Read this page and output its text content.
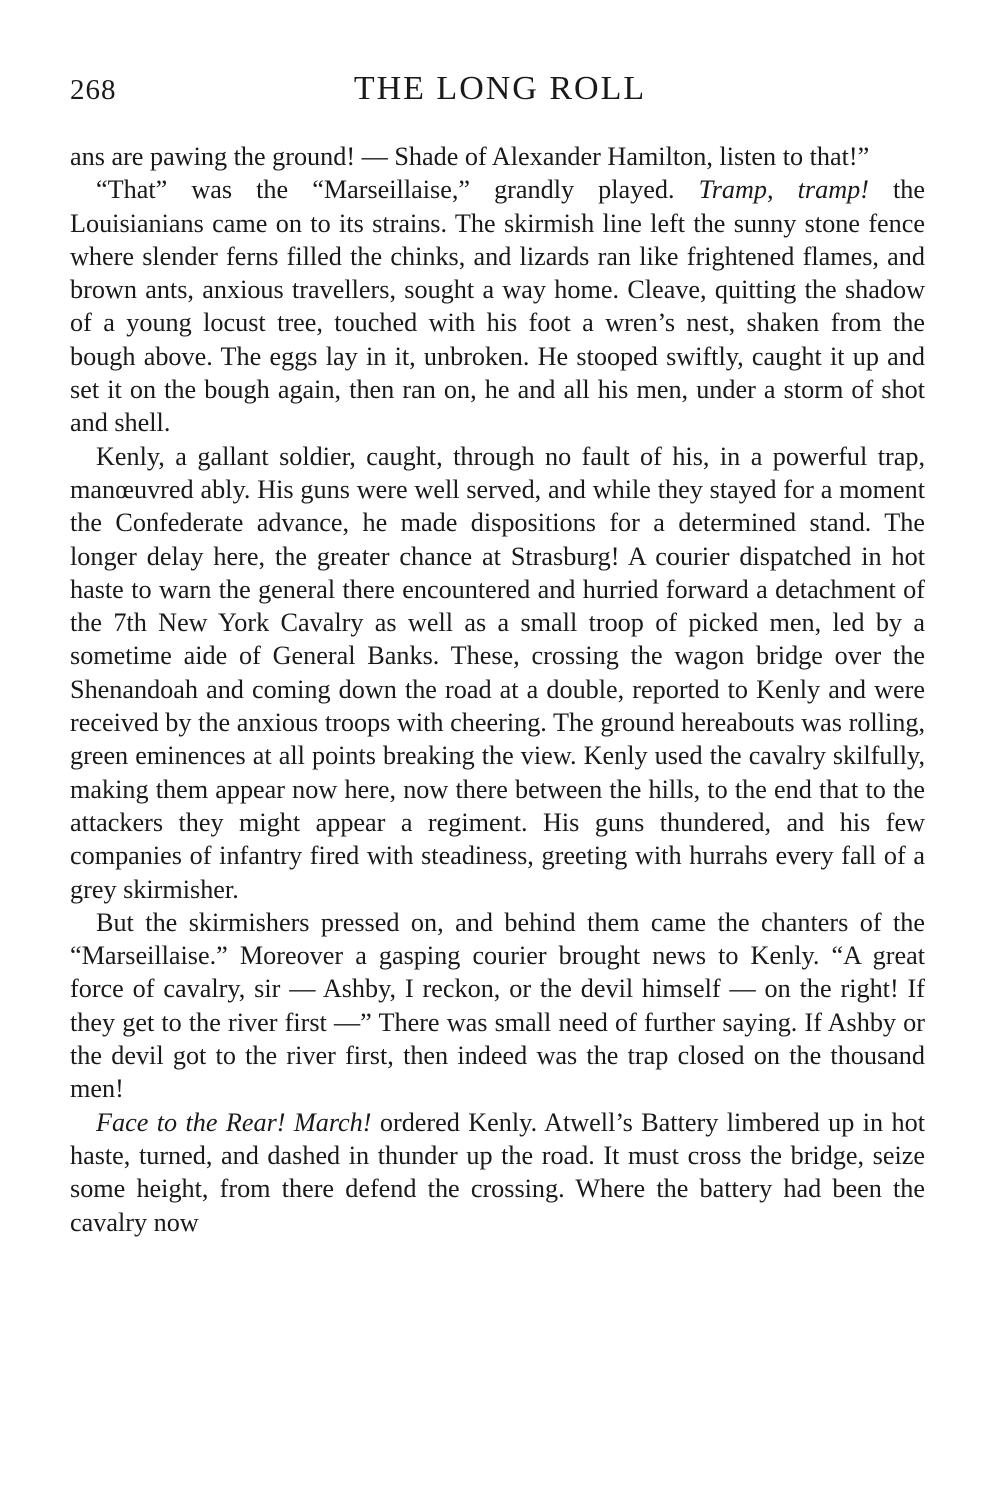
268	THE LONG ROLL

ans are pawing the ground! — Shade of Alexander Hamilton, listen to that!”

“That” was the “Marseillaise,” grandly played. Tramp, tramp! the Louisianians came on to its strains. The skirmish line left the sunny stone fence where slender ferns filled the chinks, and lizards ran like frightened flames, and brown ants, anxious travellers, sought a way home. Cleave, quitting the shadow of a young locust tree, touched with his foot a wren’s nest, shaken from the bough above. The eggs lay in it, unbroken. He stooped swiftly, caught it up and set it on the bough again, then ran on, he and all his men, under a storm of shot and shell.

Kenly, a gallant soldier, caught, through no fault of his, in a powerful trap, manœuvred ably. His guns were well served, and while they stayed for a moment the Confederate advance, he made dispositions for a determined stand. The longer delay here, the greater chance at Strasburg! A courier dispatched in hot haste to warn the general there encountered and hurried forward a detachment of the 7th New York Cavalry as well as a small troop of picked men, led by a sometime aide of General Banks. These, crossing the wagon bridge over the Shenandoah and coming down the road at a double, reported to Kenly and were received by the anxious troops with cheering. The ground hereabouts was rolling, green eminences at all points breaking the view. Kenly used the cavalry skilfully, making them appear now here, now there between the hills, to the end that to the attackers they might appear a regiment. His guns thundered, and his few companies of infantry fired with steadiness, greeting with hurrahs every fall of a grey skirmisher.

But the skirmishers pressed on, and behind them came the chanters of the “Marseillaise.” Moreover a gasping courier brought news to Kenly. “A great force of cavalry, sir — Ashby, I reckon, or the devil himself — on the right! If they get to the river first —” There was small need of further saying. If Ashby or the devil got to the river first, then indeed was the trap closed on the thousand men!

Face to the Rear! March! ordered Kenly. Atwell’s Battery limbered up in hot haste, turned, and dashed in thunder up the road. It must cross the bridge, seize some height, from there defend the crossing. Where the battery had been the cavalry now
